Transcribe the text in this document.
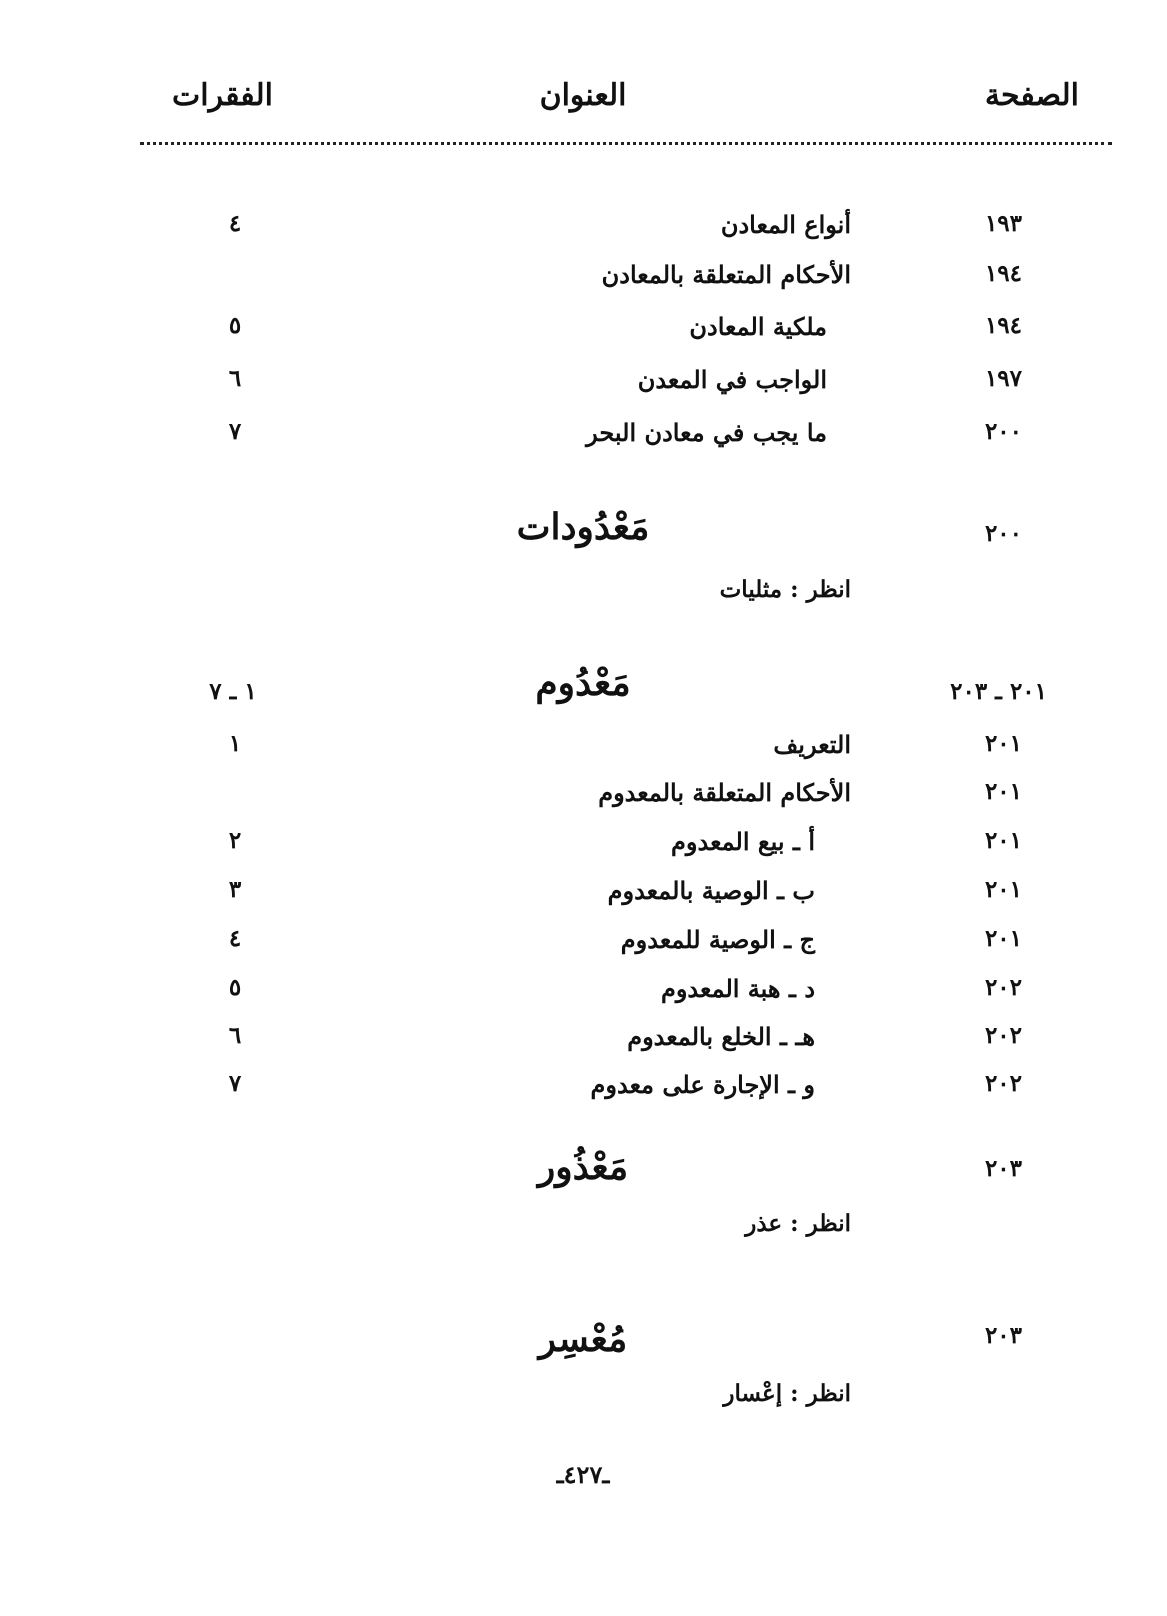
الصفحة
العنوان
الفقرات
١٩٣
أنواع المعادن
٤
١٩٤
الأحكام المتعلقة بالمعادن
١٩٤
ملكية المعادن
٥
١٩٧
الواجب في المعدن
٦
٢٠٠
ما يجب في معادن البحر
٧
٢٠٠
مَعْدُودات
انظر : مثليات
٢٠١ ـ ٢٠٣
١ ـ ٧	مَعْدُوم
٢٠١
التعريف
١
٢٠١
الأحكام المتعلقة بالمعدوم
٢٠١
أ ـ بيع المعدوم
٢
٢٠١
ب ـ الوصية بالمعدوم
٣
٢٠١
ج ـ الوصية للمعدوم
٤
٢٠٢
د ـ هبة المعدوم
٥
٢٠٢
هـ ـ الخلع بالمعدوم
٦
٢٠٢
و ـ الإجارة على معدوم
٧
٢٠٣
مَعْذُور
انظر : عذر
٢٠٣
مُعْسِر
انظر : إعْسار
ـ٤٢٧ـ
